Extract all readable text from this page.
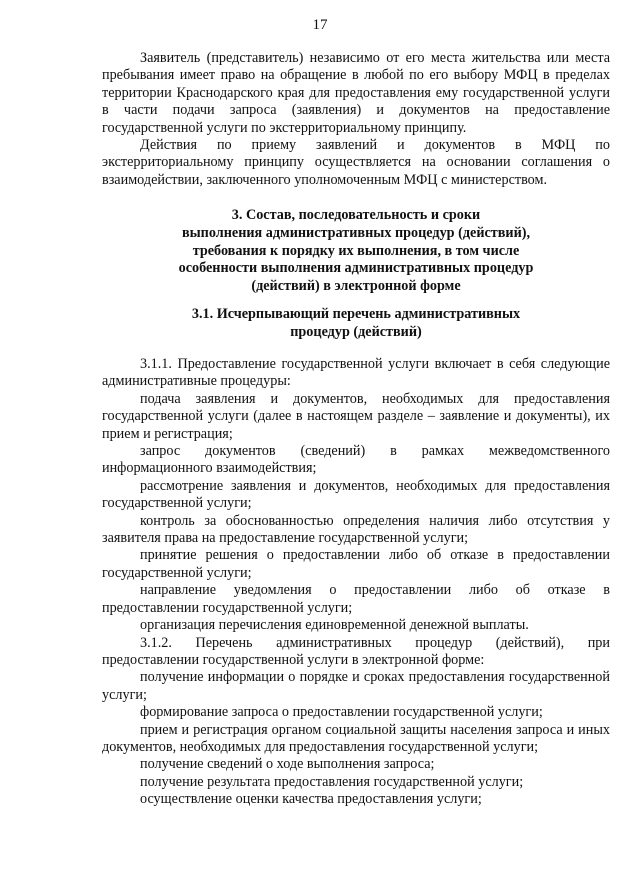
17

Заявитель (представитель) независимо от его места жительства или места пребывания имеет право на обращение в любой по его выбору МФЦ в пределах территории Краснодарского края для предоставления ему государственной услуги в части подачи запроса (заявления) и документов на предоставление государственной услуги по экстерриториальному принципу.

Действия по приему заявлений и документов в МФЦ по экстерриториальному принципу осуществляется на основании соглашения о взаимодействии, заключенного уполномоченным МФЦ с министерством.

3. Состав, последовательность и сроки
выполнения административных процедур (действий),
требования к порядку их выполнения, в том числе
особенности выполнения административных процедур
(действий) в электронной форме
3.1. Исчерпывающий перечень административных
процедур (действий)

3.1.1. Предоставление государственной услуги включает в себя следующие административные процедуры:

подача заявления и документов, необходимых для предоставления государственной услуги (далее в настоящем разделе – заявление и документы), их прием и регистрация;

запрос документов (сведений) в рамках межведомственного информационного взаимодействия;

рассмотрение заявления и документов, необходимых для предоставления государственной услуги;

контроль за обоснованностью определения наличия либо отсутствия у заявителя права на предоставление государственной услуги;

принятие решения о предоставлении либо об отказе в предоставлении государственной услуги;

направление уведомления о предоставлении либо об отказе в предоставлении государственной услуги;

организация перечисления единовременной денежной выплаты.

3.1.2. Перечень административных процедур (действий), при предоставлении государственной услуги в электронной форме:

получение информации о порядке и сроках предоставления государственной услуги;

формирование запроса о предоставлении государственной услуги;

прием и регистрация органом социальной защиты населения запроса и иных документов, необходимых для предоставления государственной услуги;

получение сведений о ходе выполнения запроса;

получение результата предоставления государственной услуги;

осуществление оценки качества предоставления услуги;
